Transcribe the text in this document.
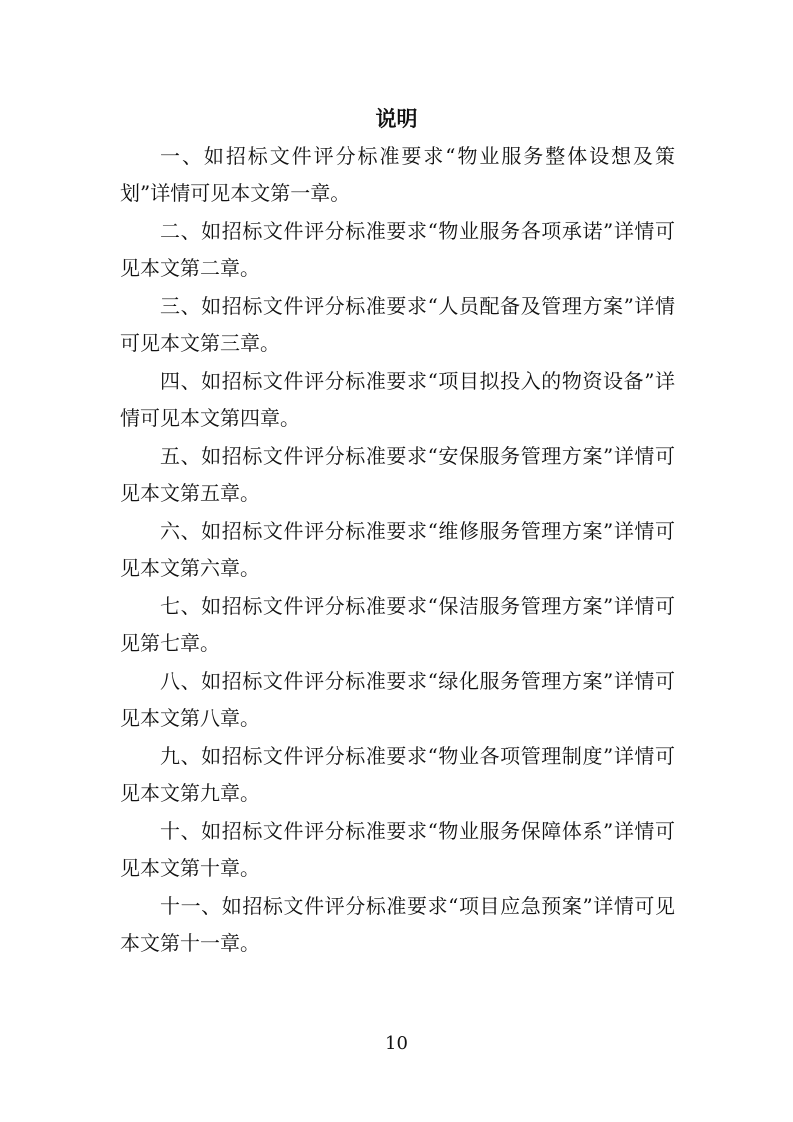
说明

一、如招标文件评分标准要求“物业服务整体设想及策划”详情可见本文第一章。

二、如招标文件评分标准要求“物业服务各项承诺”详情可见本文第二章。

三、如招标文件评分标准要求“人员配备及管理方案”详情可见本文第三章。

四、如招标文件评分标准要求“项目拟投入的物资设备”详情可见本文第四章。

五、如招标文件评分标准要求“安保服务管理方案”详情可见本文第五章。

六、如招标文件评分标准要求“维修服务管理方案”详情可见本文第六章。

七、如招标文件评分标准要求“保洁服务管理方案”详情可见第七章。

八、如招标文件评分标准要求“绿化服务管理方案”详情可见本文第八章。

九、如招标文件评分标准要求“物业各项管理制度”详情可见本文第九章。

十、如招标文件评分标准要求“物业服务保障体系”详情可见本文第十章。

十一、如招标文件评分标准要求“项目应急预案”详情可见本文第十一章。

10
